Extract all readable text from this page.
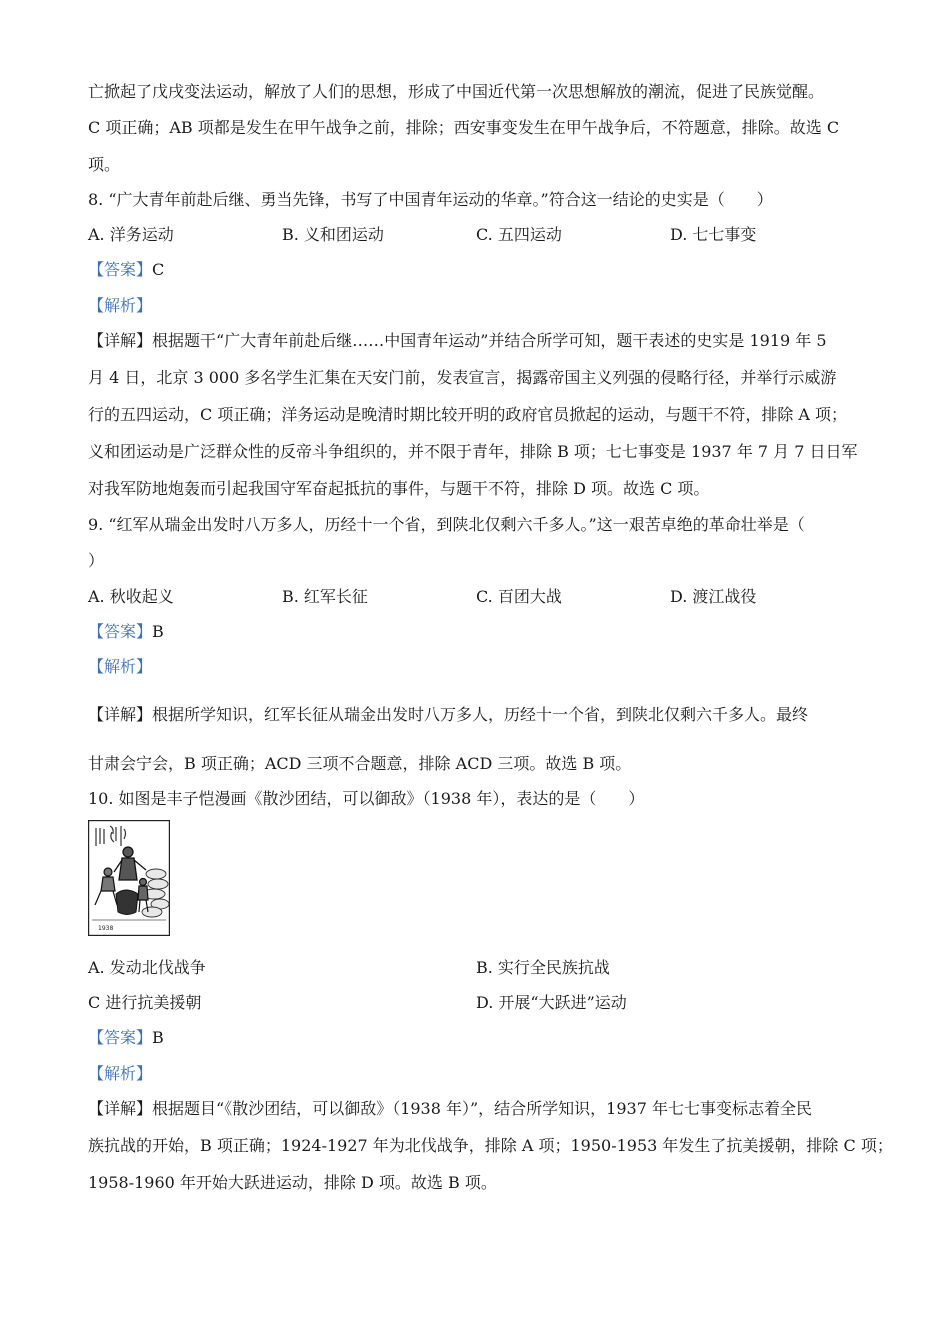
亡掀起了戊戌变法运动，解放了人们的思想，形成了中国近代第一次思想解放的潮流，促进了民族觉醒。
C 项正确；AB 项都是发生在甲午战争之前，排除；西安事变发生在甲午战争后，不符题意，排除。故选 C
项。
8. “广大青年前赴后继、勇当先锋，书写了中国青年运动的华章。”符合这一结论的史实是（　　）
A. 洋务运动	B. 义和团运动	C. 五四运动	D. 七七事变
【答案】C
【解析】
【详解】根据题干“广大青年前赴后继……中国青年运动”并结合所学可知，题干表述的史实是 1919 年 5
月 4 日，北京 3 000 多名学生汇集在天安门前，发表宣言，揭露帝国主义列强的侵略行径，并举行示威游
行的五四运动，C 项正确；洋务运动是晚清时期比较开明的政府官员掀起的运动，与题干不符，排除 A 项；
义和团运动是广泛群众性的反帝斗争组织的，并不限于青年，排除 B 项；七七事变是 1937 年 7 月 7 日日军
对我军防地炮轰而引起我国守军奋起抵抗的事件，与题干不符，排除 D 项。故选 C 项。
9. “红军从瑞金出发时八万多人，历经十一个省，到陕北仅剩六千多人。”这一艰苦卓绝的革命壮举是（
）
A. 秋收起义	B. 红军长征	C. 百团大战	D. 渡江战役
【答案】B
【解析】
【详解】根据所学知识，红军长征从瑞金出发时八万多人，历经十一个省，到陕北仅剩六千多人。最终
甘肃会宁会，B 项正确；ACD 三项不合题意，排除 ACD 三项。故选 B 项。
10. 如图是丰子恺漫画《散沙团结，可以御敌》（1938 年），表达的是（　　）
1938
A. 发动北伐战争	B. 实行全民族抗战
C 进行抗美援朝	D. 开展“大跃进”运动
【答案】B
【解析】
【详解】根据题目“《散沙团结，可以御敌》（1938 年）”，结合所学知识，1937 年七七事变标志着全民
族抗战的开始，B 项正确；1924-1927 年为北伐战争，排除 A 项；1950-1953 年发生了抗美援朝，排除 C 项；
1958-1960 年开始大跃进运动，排除 D 项。故选 B 项。
